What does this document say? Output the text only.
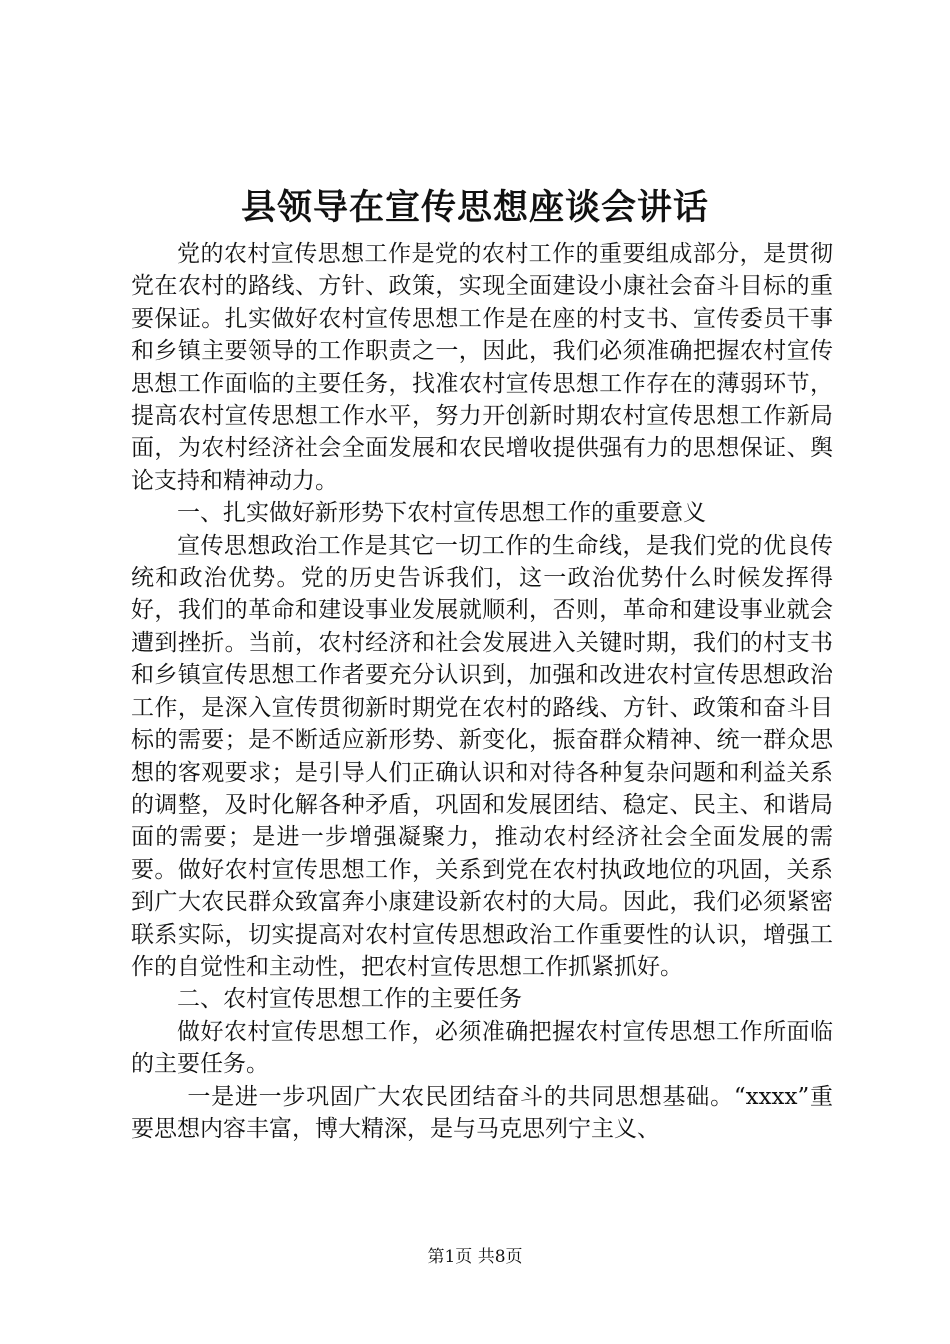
县领导在宣传思想座谈会讲话

党的农村宣传思想工作是党的农村工作的重要组成部分，是贯彻党在农村的路线、方针、政策，实现全面建设小康社会奋斗目标的重要保证。扎实做好农村宣传思想工作是在座的村支书、宣传委员干事和乡镇主要领导的工作职责之一，因此，我们必须准确把握农村宣传思想工作面临的主要任务，找准农村宣传思想工作存在的薄弱环节，提高农村宣传思想工作水平，努力开创新时期农村宣传思想工作新局面，为农村经济社会全面发展和农民增收提供强有力的思想保证、舆论支持和精神动力。

一、扎实做好新形势下农村宣传思想工作的重要意义

宣传思想政治工作是其它一切工作的生命线，是我们党的优良传统和政治优势。党的历史告诉我们，这一政治优势什么时候发挥得好，我们的革命和建设事业发展就顺利，否则，革命和建设事业就会遭到挫折。当前，农村经济和社会发展进入关键时期，我们的村支书和乡镇宣传思想工作者要充分认识到，加强和改进农村宣传思想政治工作，是深入宣传贯彻新时期党在农村的路线、方针、政策和奋斗目标的需要；是不断适应新形势、新变化，振奋群众精神、统一群众思想的客观要求；是引导人们正确认识和对待各种复杂问题和利益关系的调整，及时化解各种矛盾，巩固和发展团结、稳定、民主、和谐局面的需要；是进一步增强凝聚力，推动农村经济社会全面发展的需要。做好农村宣传思想工作，关系到党在农村执政地位的巩固，关系到广大农民群众致富奔小康建设新农村的大局。因此，我们必须紧密联系实际，切实提高对农村宣传思想政治工作重要性的认识，增强工作的自觉性和主动性，把农村宣传思想工作抓紧抓好。

二、农村宣传思想工作的主要任务

做好农村宣传思想工作，必须准确把握农村宣传思想工作所面临的主要任务。

一是进一步巩固广大农民团结奋斗的共同思想基础。“xxxx”重要思想内容丰富，博大精深，是与马克思列宁主义、

第1页 共8页
